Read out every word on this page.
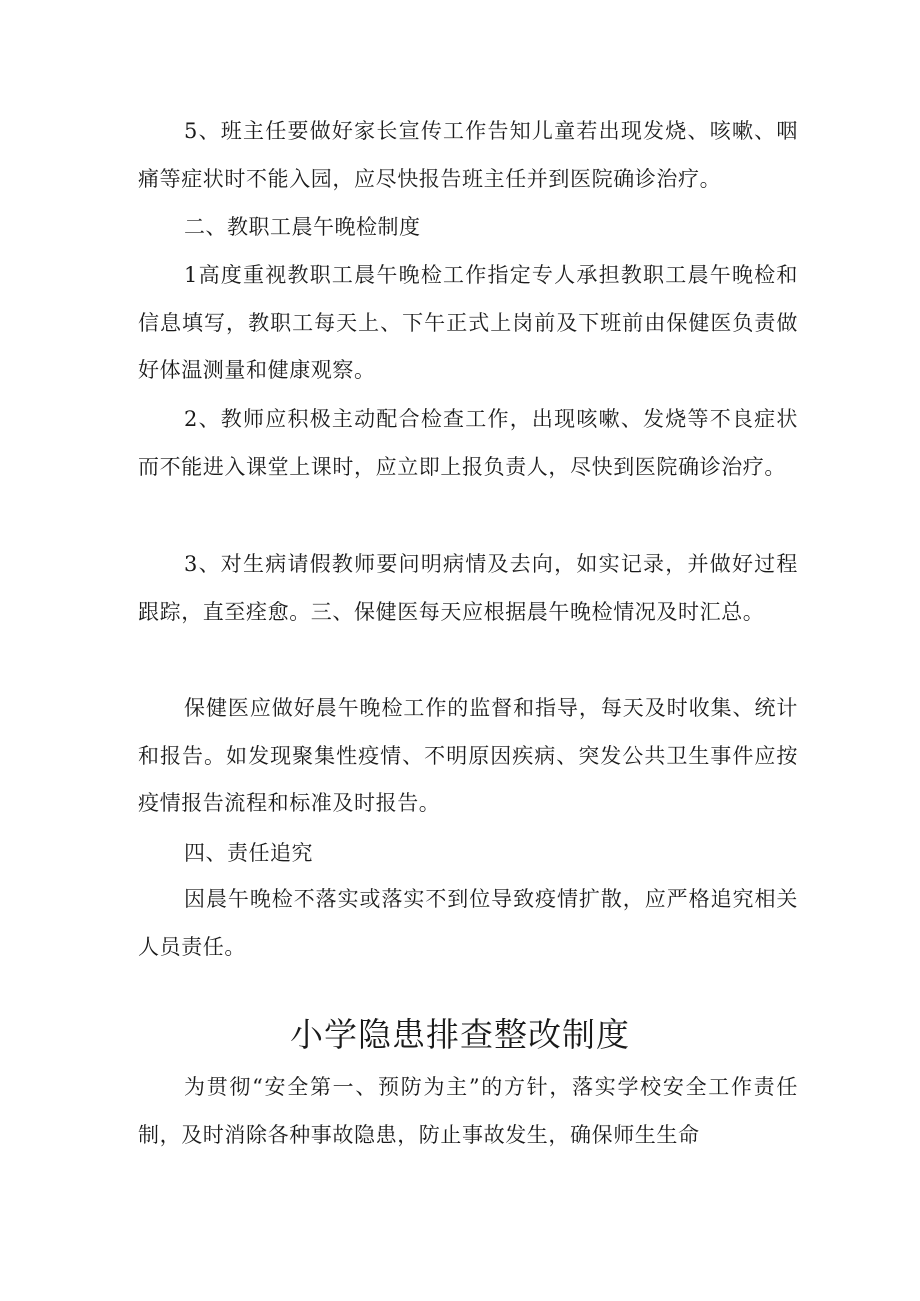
5、班主任要做好家长宣传工作告知儿童若出现发烧、咳嗽、咽痛等症状时不能入园，应尽快报告班主任并到医院确诊治疗。

二、教职工晨午晚检制度

1高度重视教职工晨午晚检工作指定专人承担教职工晨午晚检和信息填写，教职工每天上、下午正式上岗前及下班前由保健医负责做好体温测量和健康观察。

2、教师应积极主动配合检查工作，出现咳嗽、发烧等不良症状而不能进入课堂上课时，应立即上报负责人，尽快到医院确诊治疗。

3、对生病请假教师要问明病情及去向，如实记录，并做好过程跟踪，直至痊愈。三、保健医每天应根据晨午晚检情况及时汇总。

保健医应做好晨午晚检工作的监督和指导，每天及时收集、统计和报告。如发现聚集性疫情、不明原因疾病、突发公共卫生事件应按疫情报告流程和标准及时报告。

四、责任追究

因晨午晚检不落实或落实不到位导致疫情扩散，应严格追究相关人员责任。

小学隐患排查整改制度

为贯彻“安全第一、预防为主”的方针，落实学校安全工作责任制，及时消除各种事故隐患，防止事故发生，确保师生生命
